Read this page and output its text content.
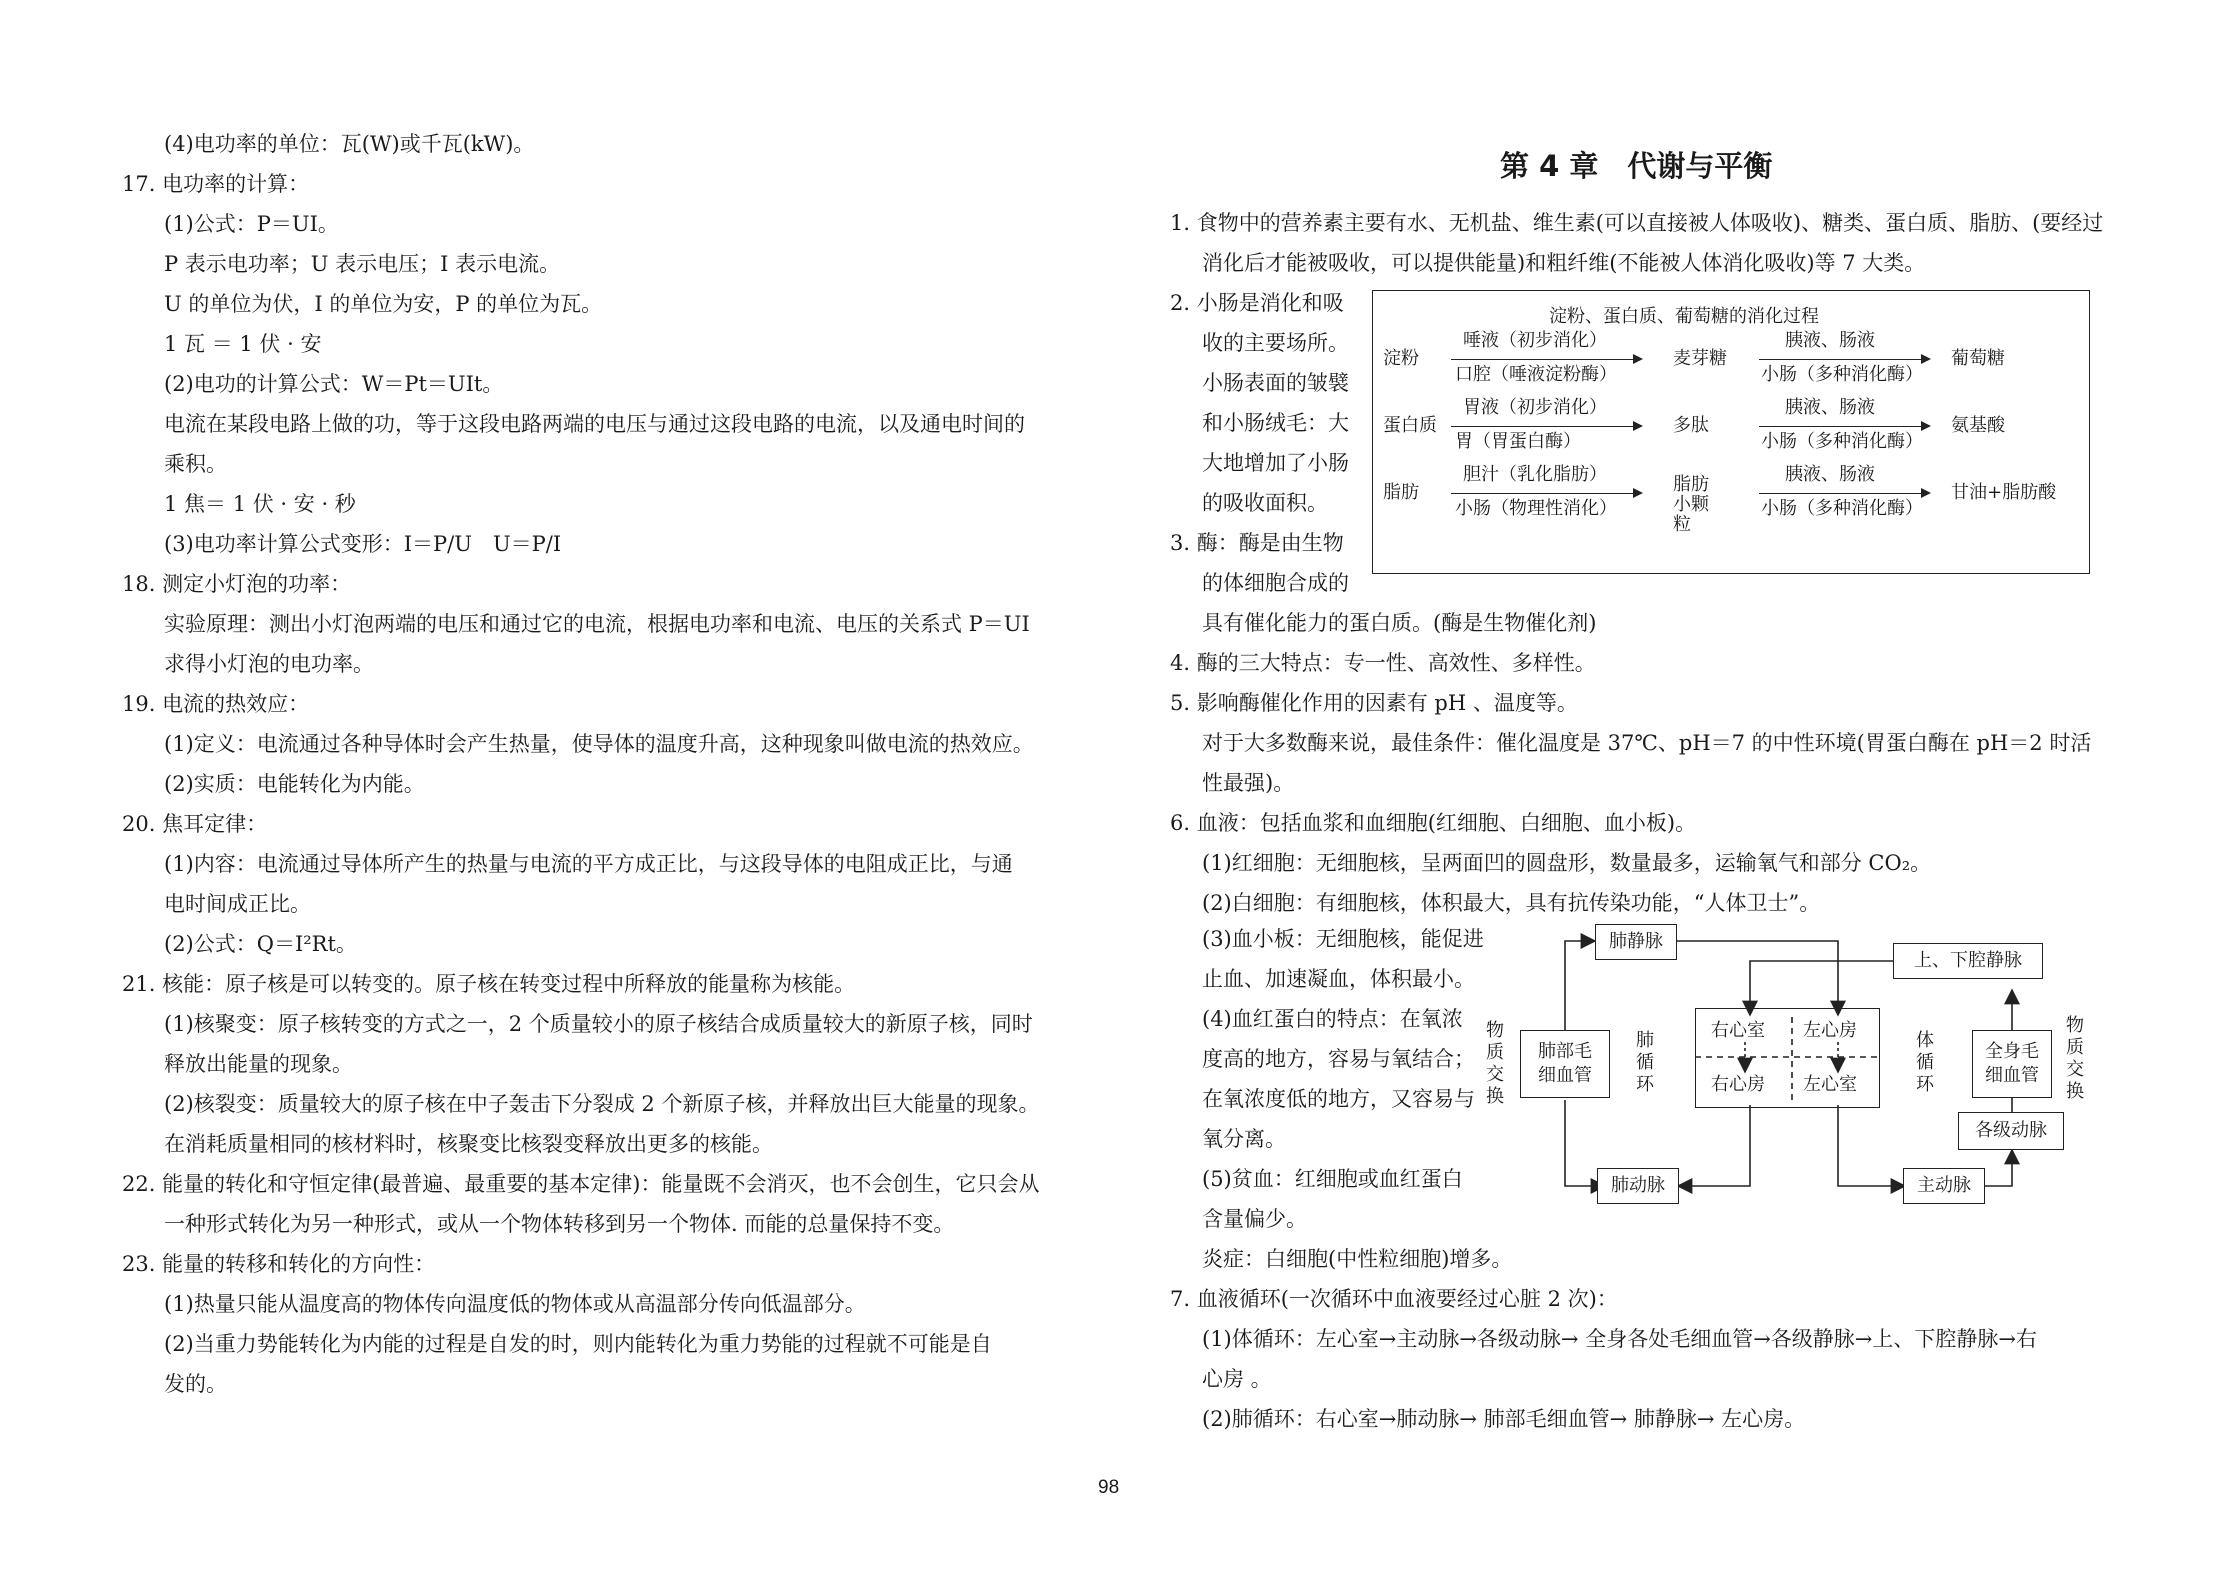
(4)电功率的单位：瓦(W)或千瓦(kW)。
17. 电功率的计算：
(1)公式：P＝UI。
P 表示电功率；U 表示电压；I 表示电流。
U 的单位为伏，I 的单位为安，P 的单位为瓦。
1 瓦 ＝ 1 伏 · 安
(2)电功的计算公式：W＝Pt＝UIt。
电流在某段电路上做的功，等于这段电路两端的电压与通过这段电路的电流，以及通电时间的
乘积。
1 焦＝ 1 伏 · 安 · 秒
(3)电功率计算公式变形：I＝P/U　U＝P/I
18. 测定小灯泡的功率：
实验原理：测出小灯泡两端的电压和通过它的电流，根据电功率和电流、电压的关系式 P＝UI
求得小灯泡的电功率。
19. 电流的热效应：
(1)定义：电流通过各种导体时会产生热量，使导体的温度升高，这种现象叫做电流的热效应。
(2)实质：电能转化为内能。
20. 焦耳定律：
(1)内容：电流通过导体所产生的热量与电流的平方成正比，与这段导体的电阻成正比，与通
电时间成正比。
(2)公式：Q＝I²Rt。
21. 核能：原子核是可以转变的。原子核在转变过程中所释放的能量称为核能。
(1)核聚变：原子核转变的方式之一，2 个质量较小的原子核结合成质量较大的新原子核，同时
释放出能量的现象。
(2)核裂变：质量较大的原子核在中子轰击下分裂成 2 个新原子核，并释放出巨大能量的现象。
在消耗质量相同的核材料时，核聚变比核裂变释放出更多的核能。
22. 能量的转化和守恒定律(最普遍、最重要的基本定律)：能量既不会消灭，也不会创生，它只会从
一种形式转化为另一种形式，或从一个物体转移到另一个物体. 而能的总量保持不变。
23. 能量的转移和转化的方向性：
(1)热量只能从温度高的物体传向温度低的物体或从高温部分传向低温部分。
(2)当重力势能转化为内能的过程是自发的时，则内能转化为重力势能的过程就不可能是自
发的。
第 4 章　代谢与平衡
1. 食物中的营养素主要有水、无机盐、维生素(可以直接被人体吸收)、糖类、蛋白质、脂肪、(要经过
消化后才能被吸收，可以提供能量)和粗纤维(不能被人体消化吸收)等 7 大类。
2. 小肠是消化和吸
收的主要场所。
小肠表面的皱襞
和小肠绒毛：大
大地增加了小肠
的吸收面积。
3. 酶：酶是由生物
的体细胞合成的
具有催化能力的蛋白质。(酶是生物催化剂)
4. 酶的三大特点：专一性、高效性、多样性。
5. 影响酶催化作用的因素有 pH 、温度等。
对于大多数酶来说，最佳条件：催化温度是 37℃、pH＝7 的中性环境(胃蛋白酶在 pH＝2 时活
性最强)。
6. 血液：包括血浆和血细胞(红细胞、白细胞、血小板)。
(1)红细胞：无细胞核，呈两面凹的圆盘形，数量最多，运输氧气和部分 CO₂。
(2)白细胞：有细胞核，体积最大，具有抗传染功能，“人体卫士”。
(3)血小板：无细胞核，能促进
止血、加速凝血，体积最小。
(4)血红蛋白的特点：在氧浓
度高的地方，容易与氧结合；
在氧浓度低的地方，又容易与
氧分离。
(5)贫血：红细胞或血红蛋白
含量偏少。
炎症：白细胞(中性粒细胞)增多。
7. 血液循环(一次循环中血液要经过心脏 2 次)：
(1)体循环：左心室→主动脉→各级动脉→ 全身各处毛细血管→各级静脉→上、下腔静脉→右
心房 。
(2)肺循环：右心室→肺动脉→ 肺部毛细血管→ 肺静脉→ 左心房。
淀粉、蛋白质、葡萄糖的消化过程
淀粉
唾液（初步消化）
口腔（唾液淀粉酶）
麦芽糖
胰液、肠液
小肠（多种消化酶）
葡萄糖
蛋白质
胃液（初步消化）
胃（胃蛋白酶）
多肽
胰液、肠液
小肠（多种消化酶）
氨基酸
脂肪
胆汁（乳化脂肪）
小肠（物理性消化）
脂肪小颗粒
胰液、肠液
小肠（多种消化酶）
甘油+脂肪酸
肺静脉
上、下腔静脉
肺部毛细血管
物质交换
肺循环
右心室 左心房
右心房 左心室
体循环
全身毛细血管
物质交换
各级动脉
主动脉
肺动脉
98
